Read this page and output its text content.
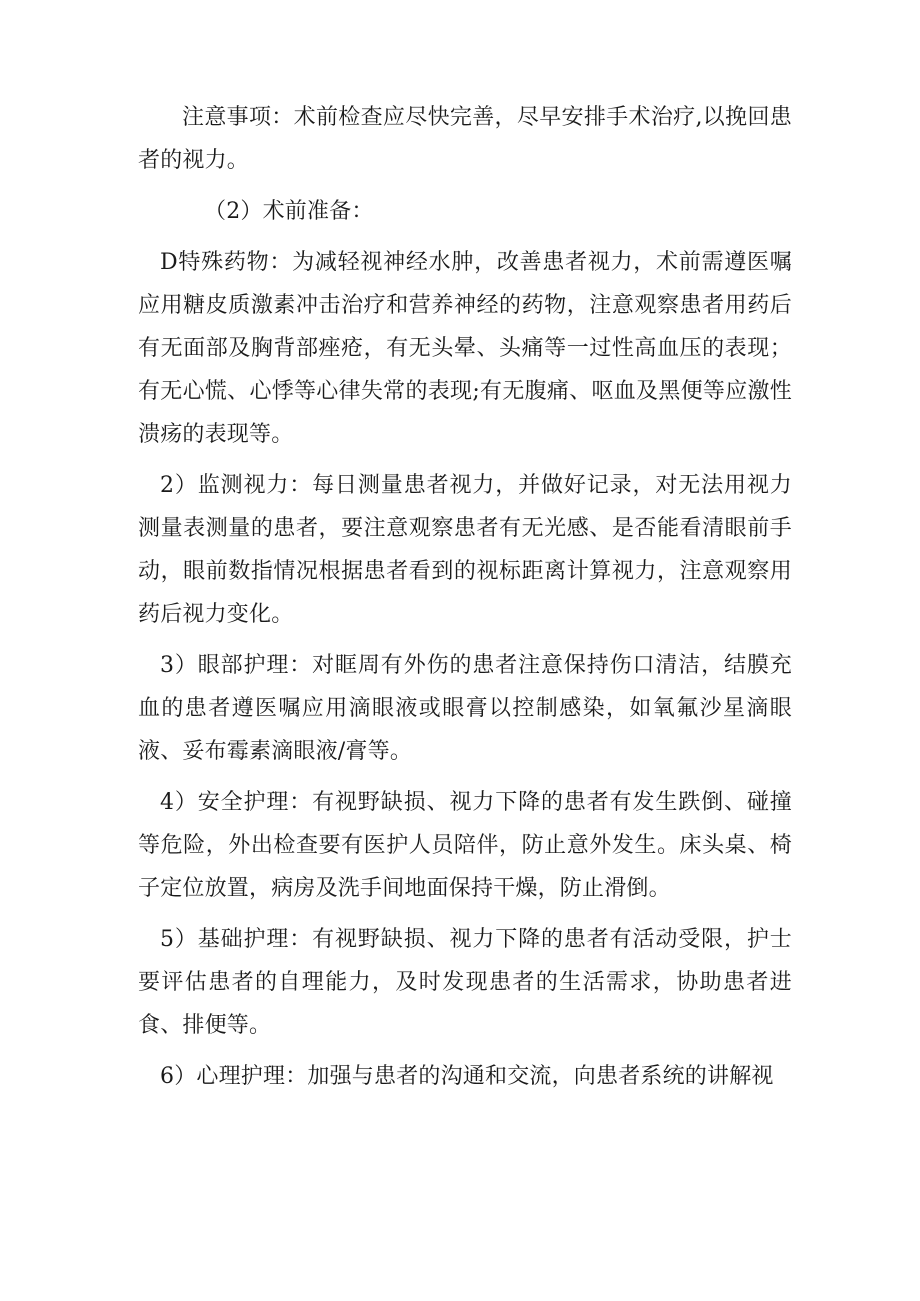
注意事项：术前检查应尽快完善，尽早安排手术治疗,以挽回患者的视力。

（2）术前准备：

D特殊药物：为减轻视神经水肿，改善患者视力，术前需遵医嘱应用糖皮质激素冲击治疗和营养神经的药物，注意观察患者用药后有无面部及胸背部痤疮，有无头晕、头痛等一过性高血压的表现；有无心慌、心悸等心律失常的表现;有无腹痛、呕血及黑便等应激性溃疡的表现等。

2）监测视力：每日测量患者视力，并做好记录，对无法用视力测量表测量的患者，要注意观察患者有无光感、是否能看清眼前手动，眼前数指情况根据患者看到的视标距离计算视力，注意观察用药后视力变化。

3）眼部护理：对眶周有外伤的患者注意保持伤口清洁，结膜充血的患者遵医嘱应用滴眼液或眼膏以控制感染，如氧氟沙星滴眼液、妥布霉素滴眼液/膏等。

4）安全护理：有视野缺损、视力下降的患者有发生跌倒、碰撞等危险，外出检查要有医护人员陪伴，防止意外发生。床头桌、椅子定位放置，病房及洗手间地面保持干燥，防止滑倒。

5）基础护理：有视野缺损、视力下降的患者有活动受限，护士要评估患者的自理能力，及时发现患者的生活需求，协助患者进食、排便等。

6）心理护理：加强与患者的沟通和交流，向患者系统的讲解视
